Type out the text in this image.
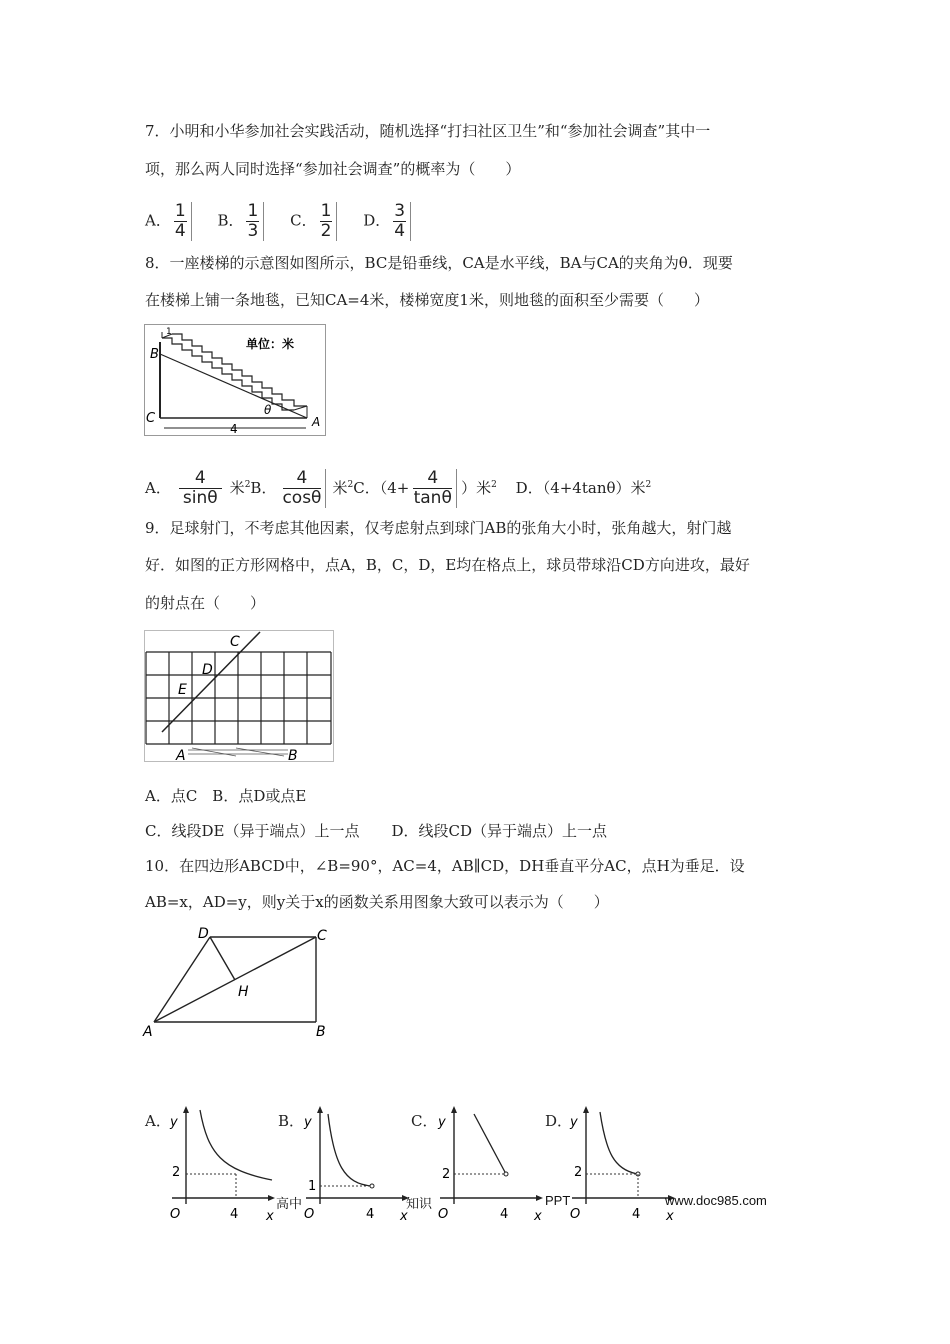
7．小明和小华参加社会实践活动，随机选择“打扫社区卫生”和“参加社会调查”其中一
项，那么两人同时选择“参加社会调查”的概率为（　　）
A． $\frac{1}{4}$ B． $\frac{1}{3}$ C． $\frac{1}{2}$ D． $\frac{3}{4}$
8．一座楼梯的示意图如图所示，BC是铅垂线，CA是水平线，BA与CA的夹角为θ．现要
在楼梯上铺一条地毯，已知CA=4米，楼梯宽度1米，则地毯的面积至少需要（　　）
B
C	A
θ
4
1
单位：米
A． $\frac{4}{\sin\theta}$ 米$^2$B． $\frac{4}{\cos\theta}$ 米$^2$C．（$4+ \frac{4}{\tan\theta}$ ）米$^2$ D．（4+4tanθ）米$^2$
9．足球射门，不考虑其他因素，仅考虑射点到球门AB的张角大小时，张角越大，射门越
好．如图的正方形网格中，点A，B，C，D，E均在格点上，球员带球沿CD方向进攻，最好
的射点在（　　）
C
D
E
A	B
A．点C　B．点D或点E
C．线段DE（异于端点）上一点 D．线段CD（异于端点）上一点
10．在四边形ABCD中，∠B=90°，AC=4，AB∥CD，DH垂直平分AC，点H为垂足．设
AB=x，AD=y，则y关于x的函数关系用图象大致可以表示为（　　）
D	C
H
A	B
A． y
2
O	4 x
B． y
1
O	4 x
C． y
2
O	4 x
D．
y
2
O	4 x
高中	知识	PPT	www.doc985.com
